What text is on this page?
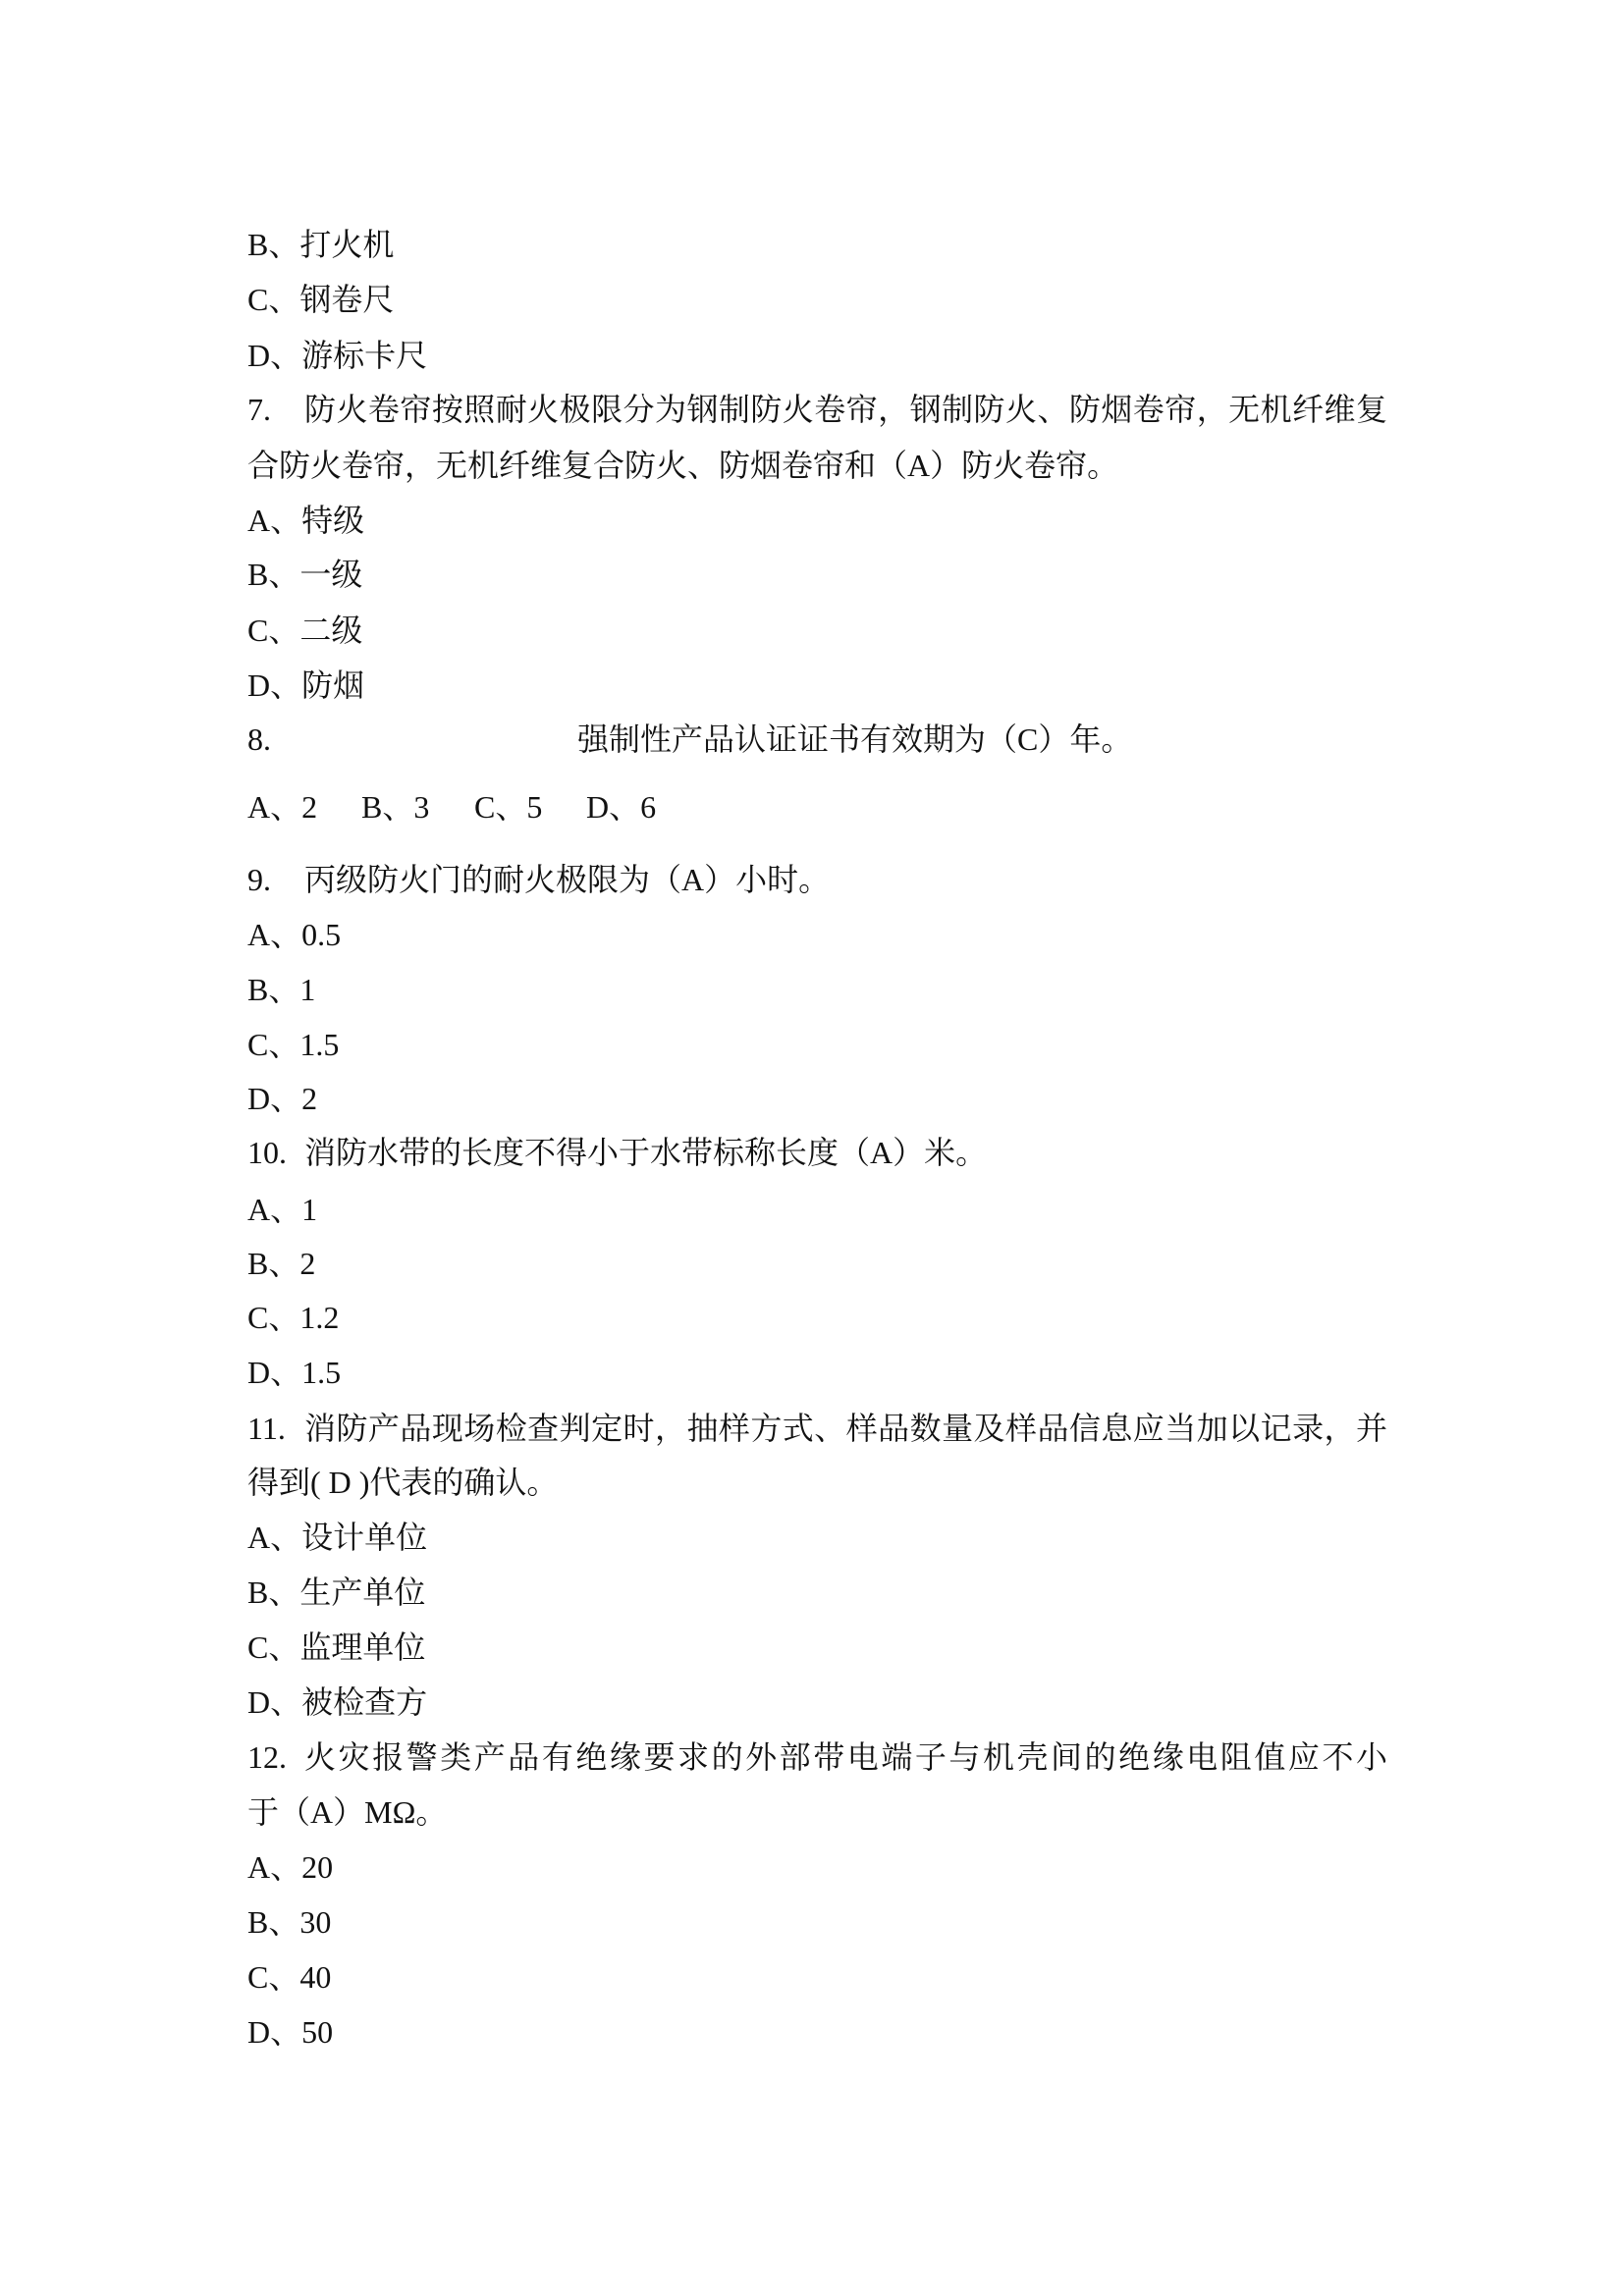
B、打火机
C、钢卷尺
D、游标卡尺
7. 防火卷帘按照耐火极限分为钢制防火卷帘，钢制防火、防烟卷帘，无机纤维复
合防火卷帘，无机纤维复合防火、防烟卷帘和（A）防火卷帘。
A、特级
B、一级
C、二级
D、防烟
8.	强制性产品认证证书有效期为（C）年。
A、2 B、3 C、5 D、6
9. 丙级防火门的耐火极限为（A）小时。
A、0.5
B、1
C、1.5
D、2
10. 消防水带的长度不得小于水带标称长度（A）米。
A、1
B、2
C、1.2
D、1.5
11. 消防产品现场检查判定时，抽样方式、样品数量及样品信息应当加以记录，并
得到( D )代表的确认。
A、设计单位
B、生产单位
C、监理单位
D、被检查方
12. 火灾报警类产品有绝缘要求的外部带电端子与机壳间的绝缘电阻值应不小
于（A）MΩ。
A、20
B、30
C、40
D、50
